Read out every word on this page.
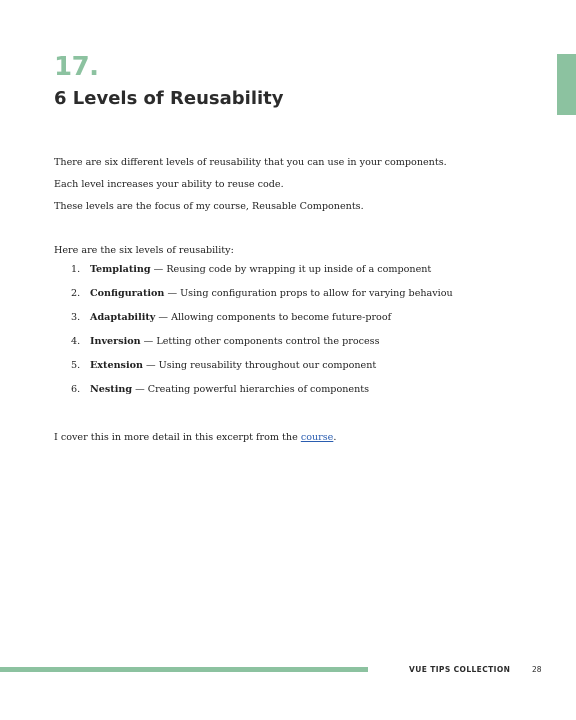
17.
6 Levels of Reusability

There are six different levels of reusability that you can use in your components.

Each level increases your ability to reuse code.

These levels are the focus of my course, Reusable Components.

Here are the six levels of reusability:

1. Templating — Reusing code by wrapping it up inside of a component
2. Configuration — Using configuration props to allow for varying behaviou
3. Adaptability — Allowing components to become future-proof
4. Inversion — Letting other components control the process
5. Extension — Using reusability throughout our component
6. Nesting — Creating powerful hierarchies of components

I cover this in more detail in this excerpt from the course.

VUE TIPS COLLECTION	28
